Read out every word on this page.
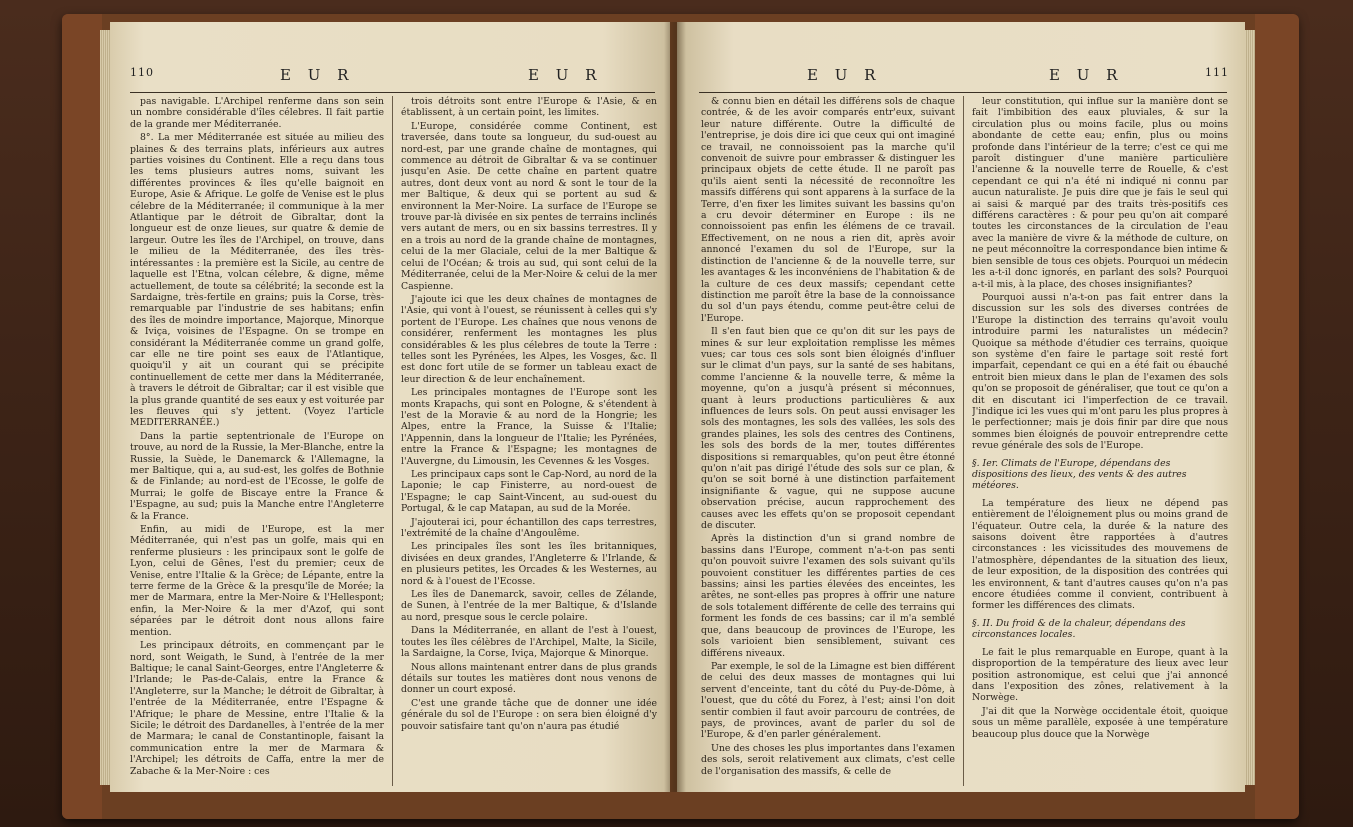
110	E U R	E U R

pas navigable. L'Archipel renferme dans son sein un nombre considérable d'îles célebres. Il fait partie de la grande mer Méditerranée.

8°. La mer Méditerranée est située au milieu des plaines & des terrains plats, inférieurs aux autres parties voisines du Continent. Elle a reçu dans tous les tems plusieurs autres noms, suivant les différentes provinces & îles qu'elle baignoit en Europe, Asie & Afrique. Le golfe de Venise est le plus célebre de la Méditerranée; il communique à la mer Atlantique par le détroit de Gibraltar, dont la longueur est de onze lieues, sur quatre & demie de largeur. Outre les îles de l'Archipel, on trouve, dans le milieu de la Méditerranée, des îles très-intéressantes : la première est la Sicile, au centre de laquelle est l'Etna, volcan célebre, & digne, même actuellement, de toute sa célébrité; la seconde est la Sardaigne, très-fertile en grains; puis la Corse, très-remarquable par l'industrie de ses habitans; enfin des îles de moindre importance, Majorque, Minorque & Iviça, voisines de l'Espagne. On se trompe en considérant la Méditerranée comme un grand golfe, car elle ne tire point ses eaux de l'Atlantique, quoiqu'il y ait un courant qui se précipite continuellement de cette mer dans la Méditerranée, à travers le détroit de Gibraltar; car il est visible que la plus grande quantité de ses eaux y est voiturée par les fleuves qui s'y jettent. (Voyez l'article MEDITERRANÉE.)

Dans la partie septentrionale de l'Europe on trouve, au nord de la Russie, la Mer-Blanche, entre la Russie, la Suède, le Danemarck & l'Allemagne, la mer Baltique, qui a, au sud-est, les golfes de Bothnie & de Finlande; au nord-est de l'Ecosse, le golfe de Murrai; le golfe de Biscaye entre la France & l'Espagne, au sud; puis la Manche entre l'Angleterre & la France.

Enfin, au midi de l'Europe, est la mer Méditerranée, qui n'est pas un golfe, mais qui en renferme plusieurs : les principaux sont le golfe de Lyon, celui de Gênes, l'est du premier; ceux de Venise, entre l'Italie & la Grèce; de Lépante, entre la terre ferme de la Grèce & la presqu'île de Morée; la mer de Marmara, entre la Mer-Noire & l'Hellespont; enfin, la Mer-Noire & la mer d'Azof, qui sont séparées par le détroit dont nous allons faire mention.

Les principaux détroits, en commençant par le nord, sont Weigath, le Sund, à l'entrée de la mer Baltique; le canal Saint-Georges, entre l'Angleterre & l'Irlande; le Pas-de-Calais, entre la France & l'Angleterre, sur la Manche; le détroit de Gibraltar, à l'entrée de la Méditerranée, entre l'Espagne & l'Afrique; le phare de Messine, entre l'Italie & la Sicile; le détroit des Dardanelles, à l'entrée de la mer de Marmara; le canal de Constantinople, faisant la communication entre la mer de Marmara & l'Archipel; les détroits de Caffa, entre la mer de Zabache & la Mer-Noire : ces

trois détroits sont entre l'Europe & l'Asie, & en établissent, à un certain point, les limites.

L'Europe, considérée comme Continent, est traversée, dans toute sa longueur, du sud-ouest au nord-est, par une grande chaîne de montagnes, qui commence au détroit de Gibraltar & va se continuer jusqu'en Asie. De cette chaîne en partent quatre autres, dont deux vont au nord & sont le tour de la mer Baltique, & deux qui se portent au sud & environnent la Mer-Noire. La surface de l'Europe se trouve par-là divisée en six pentes de terrains inclinés vers autant de mers, ou en six bassins terrestres. Il y en a trois au nord de la grande chaîne de montagnes, celui de la mer Glaciale, celui de la mer Baltique & celui de l'Océan; & trois au sud, qui sont celui de la Méditerranée, celui de la Mer-Noire & celui de la mer Caspienne.

J'ajoute ici que les deux chaînes de montagnes de l'Asie, qui vont à l'ouest, se réunissent à celles qui s'y portent de l'Europe. Les chaînes que nous venons de considérer, renferment les montagnes les plus considérables & les plus célebres de toute la Terre : telles sont les Pyrénées, les Alpes, les Vosges, &c. Il est donc fort utile de se former un tableau exact de leur direction & de leur enchaînement.

Les principales montagnes de l'Europe sont les monts Krapachs, qui sont en Pologne, & s'étendent à l'est de la Moravie & au nord de la Hongrie; les Alpes, entre la France, la Suisse & l'Italie; l'Appennin, dans la longueur de l'Italie; les Pyrénées, entre la France & l'Espagne; les montagnes de l'Auvergne, du Limousin, les Cevennes & les Vosges.

Les principaux caps sont le Cap-Nord, au nord de la Laponie; le cap Finisterre, au nord-ouest de l'Espagne; le cap Saint-Vincent, au sud-ouest du Portugal, & le cap Matapan, au sud de la Morée.

J'ajouterai ici, pour échantillon des caps terrestres, l'extrémité de la chaîne d'Angoulême.

Les principales îles sont les îles britanniques, divisées en deux grandes, l'Angleterre & l'Irlande, & en plusieurs petites, les Orcades & les Westernes, au nord & à l'ouest de l'Ecosse.

Les îles de Danemarck, savoir, celles de Zélande, de Sunen, à l'entrée de la mer Baltique, & d'Islande au nord, presque sous le cercle polaire.

Dans la Méditerranée, en allant de l'est à l'ouest, toutes les îles célèbres de l'Archipel, Malte, la Sicile, la Sardaigne, la Corse, Iviça, Majorque & Minorque.

Nous allons maintenant entrer dans de plus grands détails sur toutes les matières dont nous venons de donner un court exposé.

C'est une grande tâche que de donner une idée générale du sol de l'Europe : on sera bien éloigné d'y pouvoir satisfaire tant qu'on n'aura pas étudié

E U R	E U R	111

& connu bien en détail les différens sols de chaque contrée, & de les avoir comparés entr'eux, suivant leur nature différente. Outre la difficulté de l'entreprise, je dois dire ici que ceux qui ont imaginé ce travail, ne connoissoient pas la marche qu'il convenoit de suivre pour embrasser & distinguer les principaux objets de cette étude. Il ne paroît pas qu'ils aient senti la nécessité de reconnoître les massifs différens qui sont apparens à la surface de la Terre, d'en fixer les limites suivant les bassins qu'on a cru devoir déterminer en Europe : ils ne connoissoient pas enfin les élémens de ce travail. Effectivement, on ne nous a rien dit, après avoir annoncé l'examen du sol de l'Europe, sur la distinction de l'ancienne & de la nouvelle terre, sur les avantages & les inconvéniens de l'habitation & de la culture de ces deux massifs; cependant cette distinction me paroît être la base de la connoissance du sol d'un pays étendu, comme peut-être celui de l'Europe.

Il s'en faut bien que ce qu'on dit sur les pays de mines & sur leur exploitation remplisse les mêmes vues; car tous ces sols sont bien éloignés d'influer sur le climat d'un pays, sur la santé de ses habitans, comme l'ancienne & la nouvelle terre, & même la moyenne, qu'on a jusqu'à présent si méconnues, quant à leurs productions particulières & aux influences de leurs sols. On peut aussi envisager les sols des montagnes, les sols des vallées, les sols des grandes plaines, les sols des centres des Continens, les sols des bords de la mer, toutes différentes dispositions si remarquables, qu'on peut être étonné qu'on n'ait pas dirigé l'étude des sols sur ce plan, & qu'on se soit borné à une distinction parfaitement insignifiante & vague, qui ne suppose aucune observation précise, aucun rapprochement des causes avec les effets qu'on se proposoit cependant de discuter.

Après la distinction d'un si grand nombre de bassins dans l'Europe, comment n'a-t-on pas senti qu'on pouvoit suivre l'examen des sols suivant qu'ils pouvoient constituer les différentes parties de ces bassins; ainsi les parties élevées des enceintes, les arêtes, ne sont-elles pas propres à offrir une nature de sols totalement différente de celle des terrains qui forment les fonds de ces bassins; car il m'a semblé que, dans beaucoup de provinces de l'Europe, les sols varioient bien sensiblement, suivant ces différens niveaux.

Par exemple, le sol de la Limagne est bien différent de celui des deux masses de montagnes qui lui servent d'enceinte, tant du côté du Puy-de-Dôme, à l'ouest, que du côté du Forez, à l'est; ainsi l'on doit sentir combien il faut avoir parcouru de contrées, de pays, de provinces, avant de parler du sol de l'Europe, & d'en parler généralement.

Une des choses les plus importantes dans l'examen des sols, seroit relativement aux climats, c'est celle de l'organisation des massifs, & celle de

leur constitution, qui influe sur la manière dont se fait l'imbibition des eaux pluviales, & sur la circulation plus ou moins facile, plus ou moins abondante de cette eau; enfin, plus ou moins profonde dans l'intérieur de la terre; c'est ce qui me paroît distinguer d'une manière particulière l'ancienne & la nouvelle terre de Rouelle, & c'est cependant ce qui n'a été ni indiqué ni connu par aucun naturaliste. Je puis dire que je fais le seul qui ai saisi & marqué par des traits très-positifs ces différens caractères : & pour peu qu'on ait comparé toutes les circonstances de la circulation de l'eau avec la manière de vivre & la méthode de culture, on ne peut méconnoître la correspondance bien intime & bien sensible de tous ces objets. Pourquoi un médecin les a-t-il donc ignorés, en parlant des sols? Pourquoi a-t-il mis, à la place, des choses insignifiantes?

Pourquoi aussi n'a-t-on pas fait entrer dans la discussion sur les sols des diverses contrées de l'Europe la distinction des terrains qu'avoit voulu introduire parmi les naturalistes un médecin? Quoique sa méthode d'étudier ces terrains, quoique son système d'en faire le partage soit resté fort imparfait, cependant ce qui en a été fait ou ébauché entroit bien mieux dans le plan de l'examen des sols qu'on se proposoit de généraliser, que tout ce qu'on a dit en discutant ici l'imperfection de ce travail. J'indique ici les vues qui m'ont paru les plus propres à le perfectionner; mais je dois finir par dire que nous sommes bien éloignés de pouvoir entreprendre cette revue générale des sols de l'Europe.

§. Ier. Climats de l'Europe, dépendans des dispositions des lieux, des vents & des autres météores.

La température des lieux ne dépend pas entièrement de l'éloignement plus ou moins grand de l'équateur. Outre cela, la durée & la nature des saisons doivent être rapportées à d'autres circonstances : les vicissitudes des mouvemens de l'atmosphère, dépendantes de la situation des lieux, de leur exposition, de la disposition des contrées qui les environnent, & tant d'autres causes qu'on n'a pas encore étudiées comme il convient, contribuent à former les différences des climats.

§. II. Du froid & de la chaleur, dépendans des circonstances locales.

Le fait le plus remarquable en Europe, quant à la disproportion de la température des lieux avec leur position astronomique, est celui que j'ai annoncé dans l'exposition des zônes, relativement à la Norwège.

J'ai dit que la Norwège occidentale étoit, quoique sous un même parallèle, exposée à une température beaucoup plus douce que la Norwège
